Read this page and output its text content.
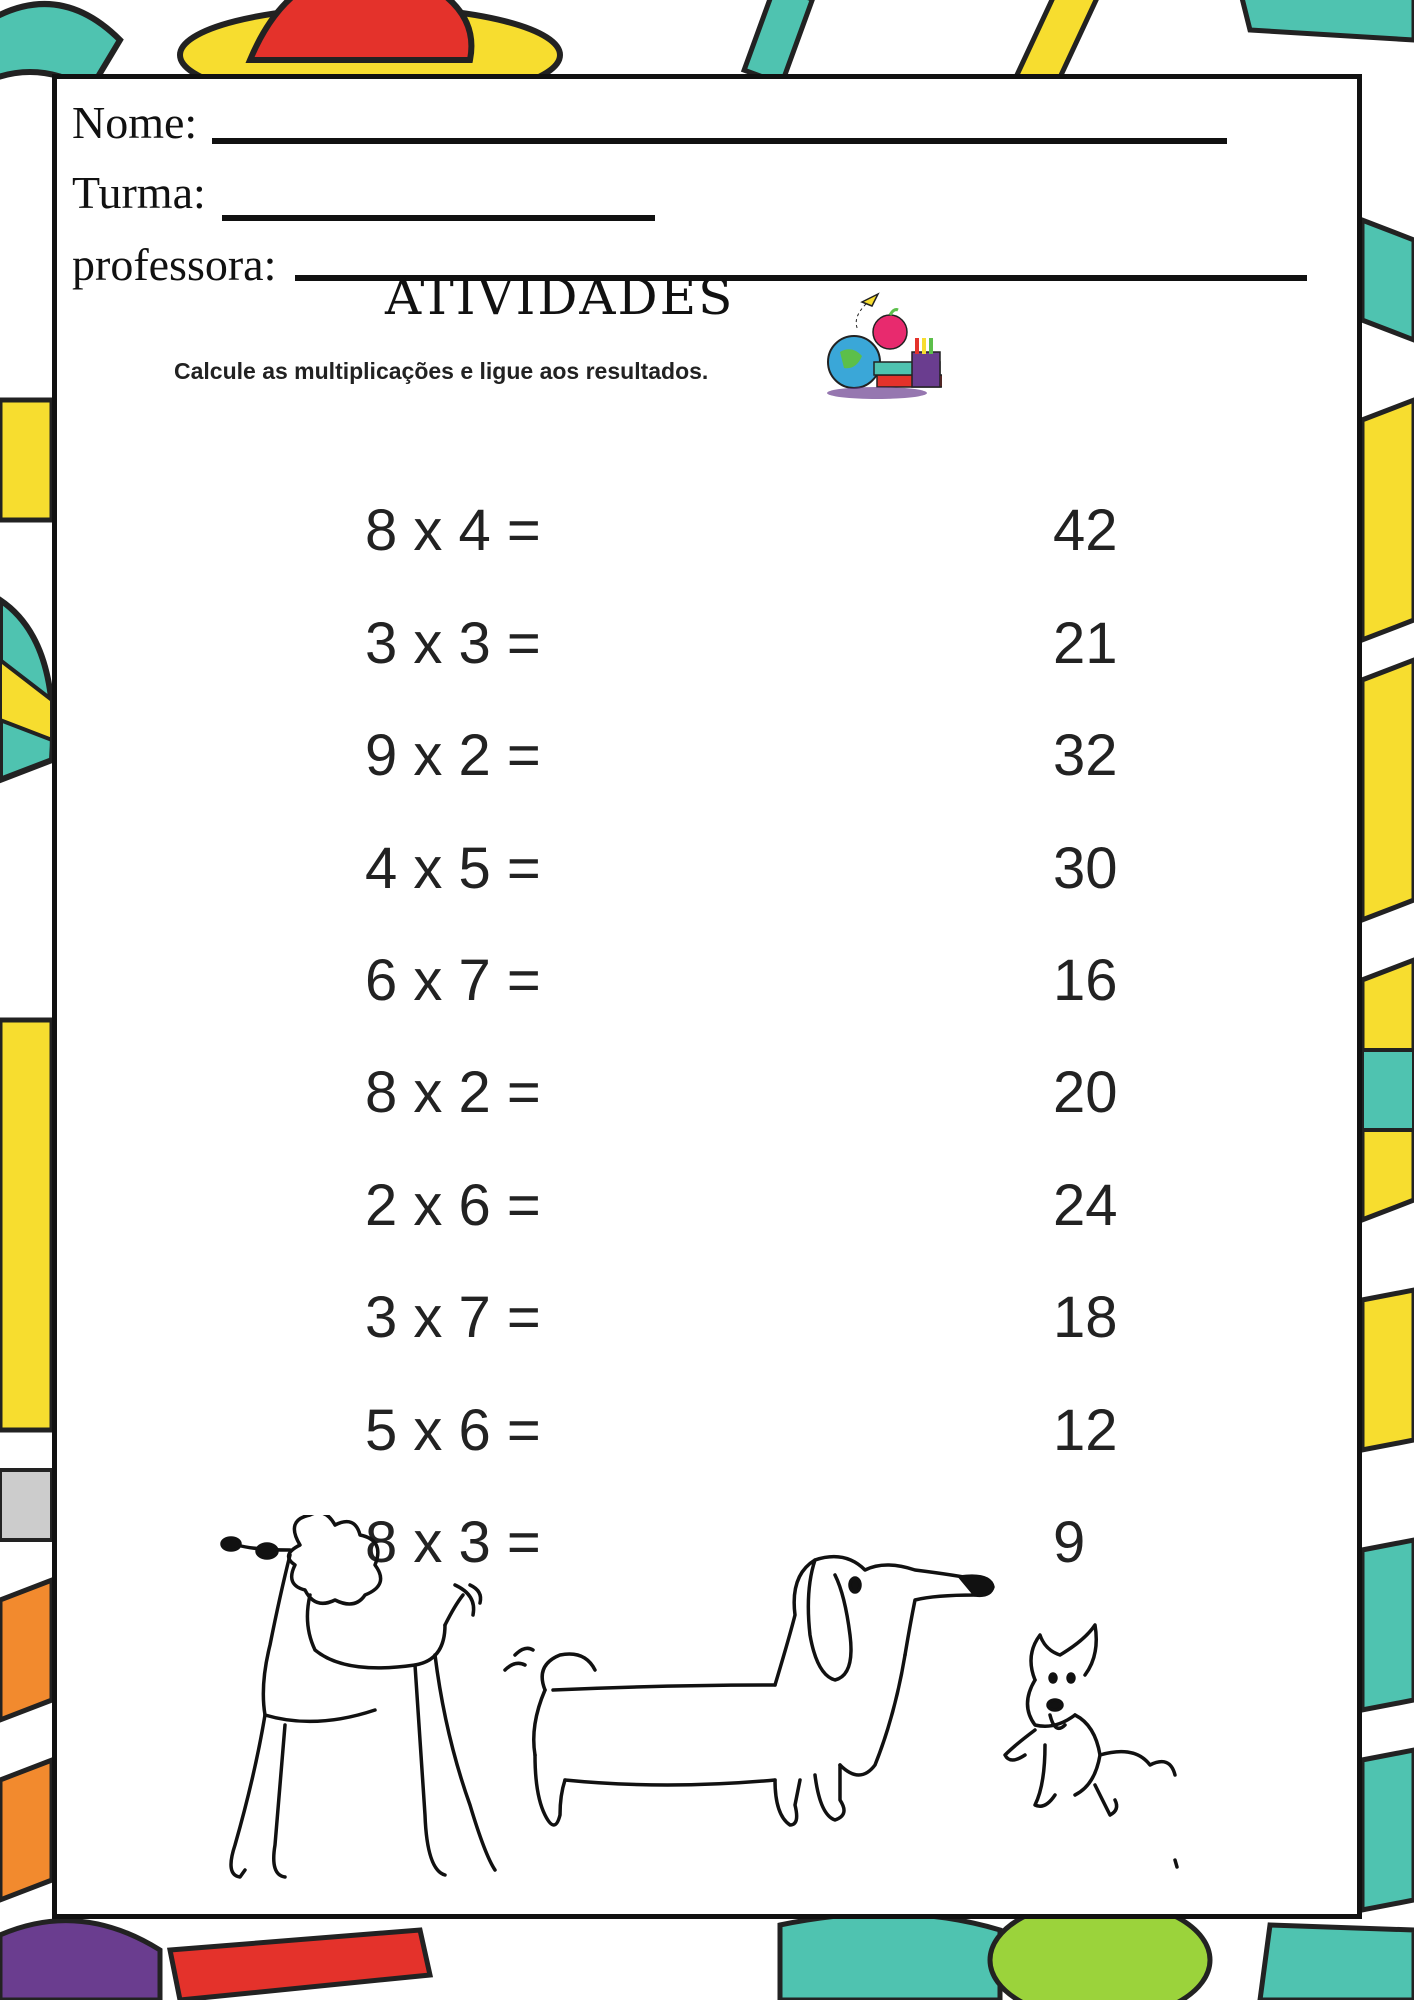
Nome:
Turma:
professora:
ATIVIDADES
Calcule as multiplicações e ligue aos resultados.
8 x 4 =
3 x 3 =
9 x 2 =
4 x 5 =
6 x 7 =
8 x 2 =
2 x 6 =
3 x 7 =
5 x 6 =
8 x 3 =
42
21
32
30
16
20
24
18
12
9
